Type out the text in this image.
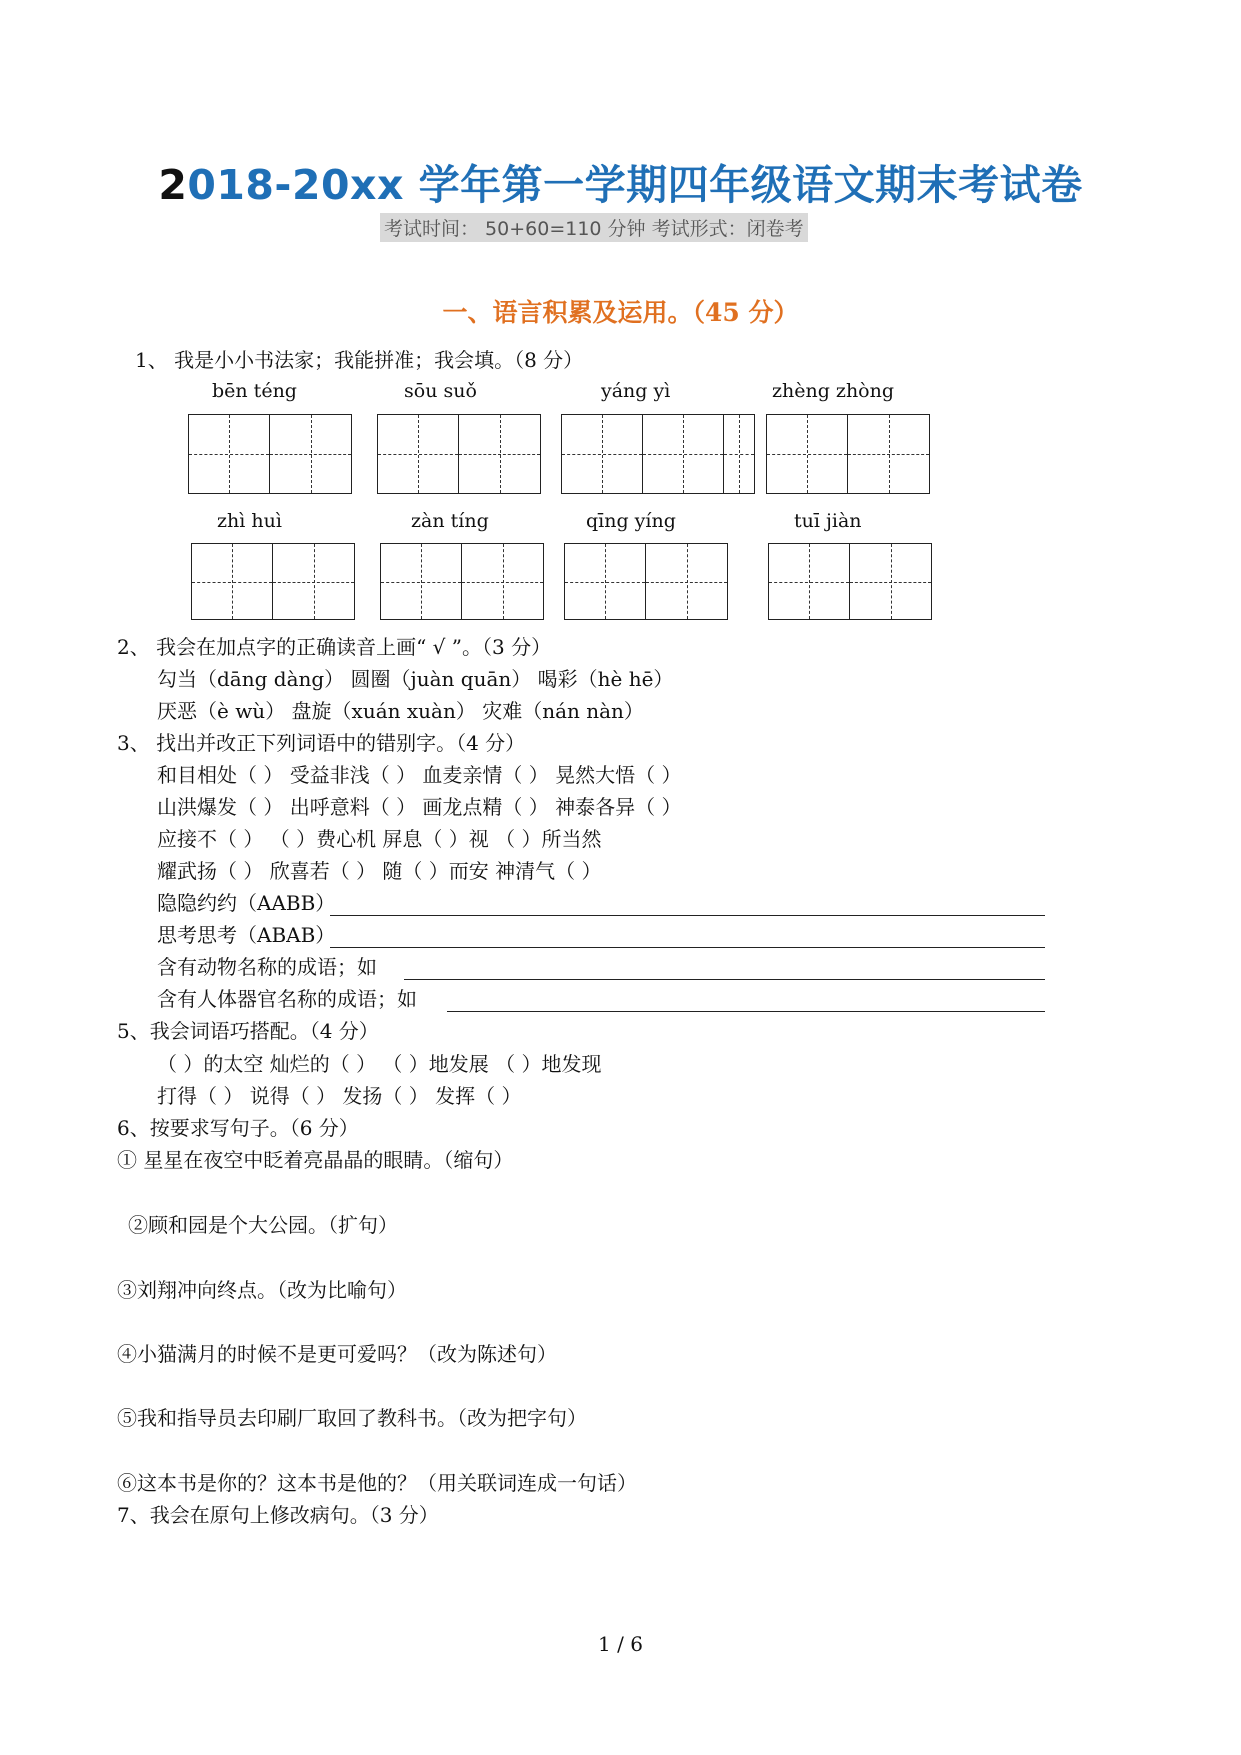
2018-20xx 学年第一学期四年级语文期末考试卷
考试时间： 50+60=110 分钟 考试形式：闭卷考
一、语言积累及运用。（45 分）
1、 我是小小书法家；我能拼准；我会填。（8 分）
bēn téng	sōu suǒ	yáng yì	zhèng zhòng
zhì huì	zàn tíng	qīng yíng	tuī jiàn
2、 我会在加点字的正确读音上画“ √ ”。（3 分）
勾当（dāng dàng） 圆圈（juàn quān） 喝彩（hè hē）
厌恶（è wù） 盘旋（xuán xuàn） 灾难（nán nàn）
3、 找出并改正下列词语中的错别字。（4 分）
和目相处（ ） 受益非浅（ ） 血麦亲情（ ） 晃然大悟（ ）
山洪爆发（ ） 出呼意料（ ） 画龙点精（ ） 神泰各异（ ）
应接不（ ） （ ）费心机 屏息（ ）视 （ ）所当然
耀武扬（ ） 欣喜若（ ） 随（ ）而安 神清气（ ）
隐隐约约（AABB）
思考思考（ABAB）
含有动物名称的成语；如
含有人体器官名称的成语；如
5、我会词语巧搭配。（4 分）
（ ）的太空 灿烂的（ ） （ ）地发展 （ ）地发现
打得（ ） 说得（ ） 发扬（ ） 发挥（ ）
6、按要求写句子。（6 分）
① 星星在夜空中眨着亮晶晶的眼睛。（缩句）
②顾和园是个大公园。（扩句）
③刘翔冲向终点。（改为比喻句）
④小猫满月的时候不是更可爱吗？（改为陈述句）
⑤我和指导员去印刷厂取回了教科书。（改为把字句）
⑥这本书是你的？这本书是他的？（用关联词连成一句话）
7、我会在原句上修改病句。（3 分）
1 / 6
